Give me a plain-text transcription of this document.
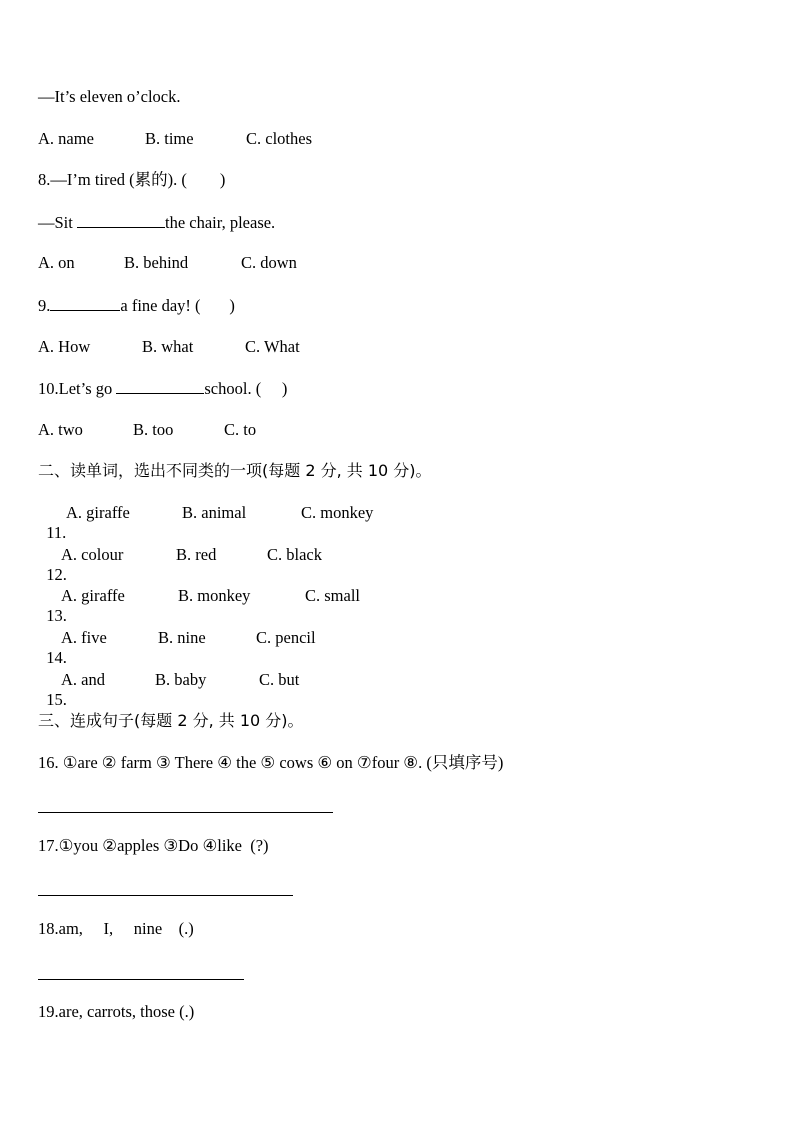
—It’s eleven o’clock.

A. name

	B. time

	C. clothes

8.—I’m tired (累的). (        )
—Sit	the chair, please.

A. on

	B. behind

	C. down

9.	a fine day! (       )

A. How

	B. what

	C. What

10.Let’s go	school. (     )

A. two

	B. too

	C. to

二、读单词，选出不同类的一项(每题 2 分, 共 10 分)。

11.

A. giraffe

	B. animal

	C. monkey

12.

A. colour

	B. red

	C. black

13.

A. giraffe

	B. monkey

	C. small

14.

A. five

	B. nine

	C. pencil

15.

A. and

	B. baby

	C. but

三、连成句子(每题 2 分, 共 10 分)。
16. ①are ② farm ③ There ④ the ⑤ cows ⑥ on ⑦four ⑧. (只填序号)
17.①you ②apples ③Do ④like  (?)
18.am,     I,     nine    (.)
19.are, carrots, those (.)
